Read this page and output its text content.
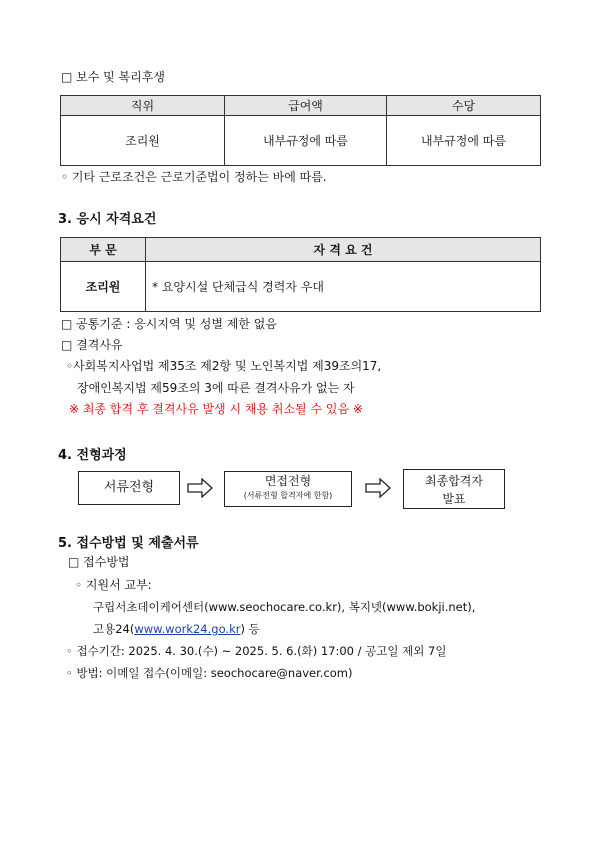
□ 보수 및 복리후생
직위	급여액	수당
조리원	내부규정에 따름	내부규정에 따름
◦ 기타 근로조건은 근로기준법이 정하는 바에 따름.
3. 응시 자격요건
부 문	자 격 요 건
조리원	* 요양시설 단체급식 경력자 우대
□ 공통기준 : 응시지역 및 성별 제한 없음
□ 결격사유
◦사회복지사업법 제35조 제2항 및 노인복지법 제39조의17,
장애인복지법 제59조의 3에 따른 결격사유가 없는 자
※ 최종 합격 후 결격사유 발생 시 채용 취소될 수 있음 ※
4. 전형과정
서류전형	면접전형
(서류전형 합격자에 한함)
최종합격자
발표
5. 접수방법 및 제출서류
□ 접수방법
◦ 지원서 교부:
구립서초데이케어센터(www.seochocare.co.kr), 복지넷(www.bokji.net),
고용24(www.work24.go.kr) 등
◦ 접수기간: 2025. 4. 30.(수) ~ 2025. 5. 6.(화) 17:00 / 공고일 제외 7일
◦ 방법: 이메일 접수(이메일: seochocare@naver.com)
